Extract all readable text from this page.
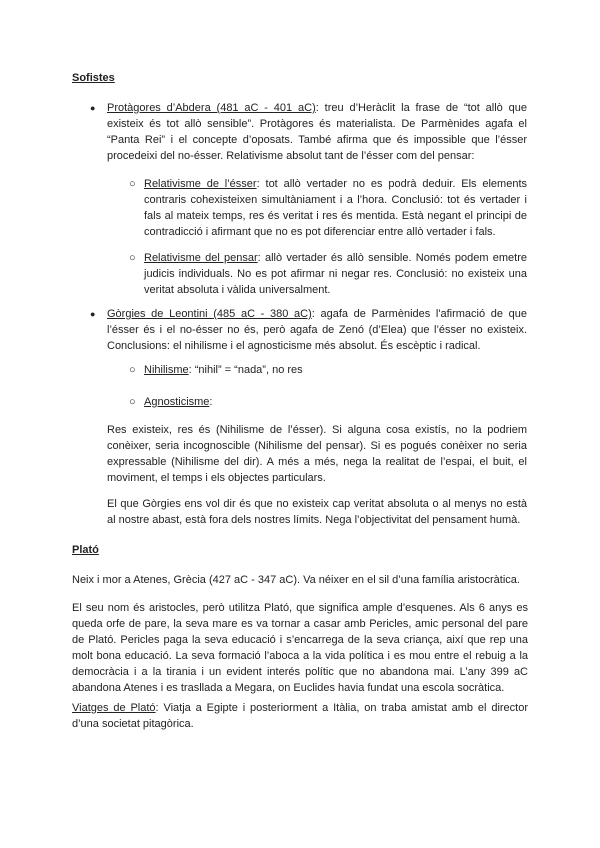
Sofistes
● Protàgores d’Abdera (481 aC - 401 aC): treu d’Heràclit la frase de “tot allò que existeix és tot allò sensible”. Protàgores és materialista. De Parmènides agafa el “Panta Rei” i el concepte d’oposats. També afirma que és impossible que l’ésser procedeixi del no-ésser. Relativisme absolut tant de l’ésser com del pensar:

○ Relativisme de l’ésser: tot allò vertader no es podrà deduir. Els elements contraris cohexisteixen simultàniament i a l’hora. Conclusió: tot és vertader i fals al mateix temps, res és veritat i res és mentida. Està negant el principi de contradicció i afirmant que no es pot diferenciar entre allò vertader i fals.

○ Relativisme del pensar: allò vertader és allò sensible. Només podem emetre judicis individuals. No es pot afirmar ni negar res. Conclusió: no existeix una veritat absoluta i vàlida universalment.

● Gòrgies de Leontini (485 aC - 380 aC): agafa de Parmènides l'afirmació de que l’ésser és i el no-ésser no és, però agafa de Zenó (d’Elea) que l’ésser no existeix. Conclusions: el nihilisme i el agnosticisme més absolut. És escèptic i radical.

○ Nihilisme: “nihil” = “nada”, no res

○ Agnosticisme:

Res existeix, res és (Nihilisme de l’ésser). Si alguna cosa existís, no la podriem conèixer, seria incognoscible (Nihilisme del pensar). Si es pogués conèixer no seria expressable (Nihilisme del dir). A més a més, nega la realitat de l’espai, el buit, el moviment, el temps i els objectes particulars.

El que Gòrgies ens vol dir és que no existeix cap veritat absoluta o al menys no està al nostre abast, està fora dels nostres límits. Nega l’objectivitat del pensament humà.

Plató

Neix i mor a Atenes, Grècia (427 aC - 347 aC). Va néixer en el sil d’una família aristocràtica.

El seu nom és aristocles, però utilitza Plató, que significa ample d’esquenes. Als 6 anys es queda orfe de pare, la seva mare es va tornar a casar amb Pericles, amic personal del pare de Plató. Pericles paga la seva educació i s’encarrega de la seva criança, així que rep una molt bona educació. La seva formació l’aboca a la vida política i es mou entre el rebuig a la democràcia i a la tirania i un evident interés polític que no abandona mai. L’any 399 aC abandona Atenes i es trasllada a Megara, on Euclides havia fundat una escola socràtica.

Viatges de Plató: Viatja a Egipte i posteriorment a Itàlia, on traba amistat amb el director d’una societat pitagòrica.
